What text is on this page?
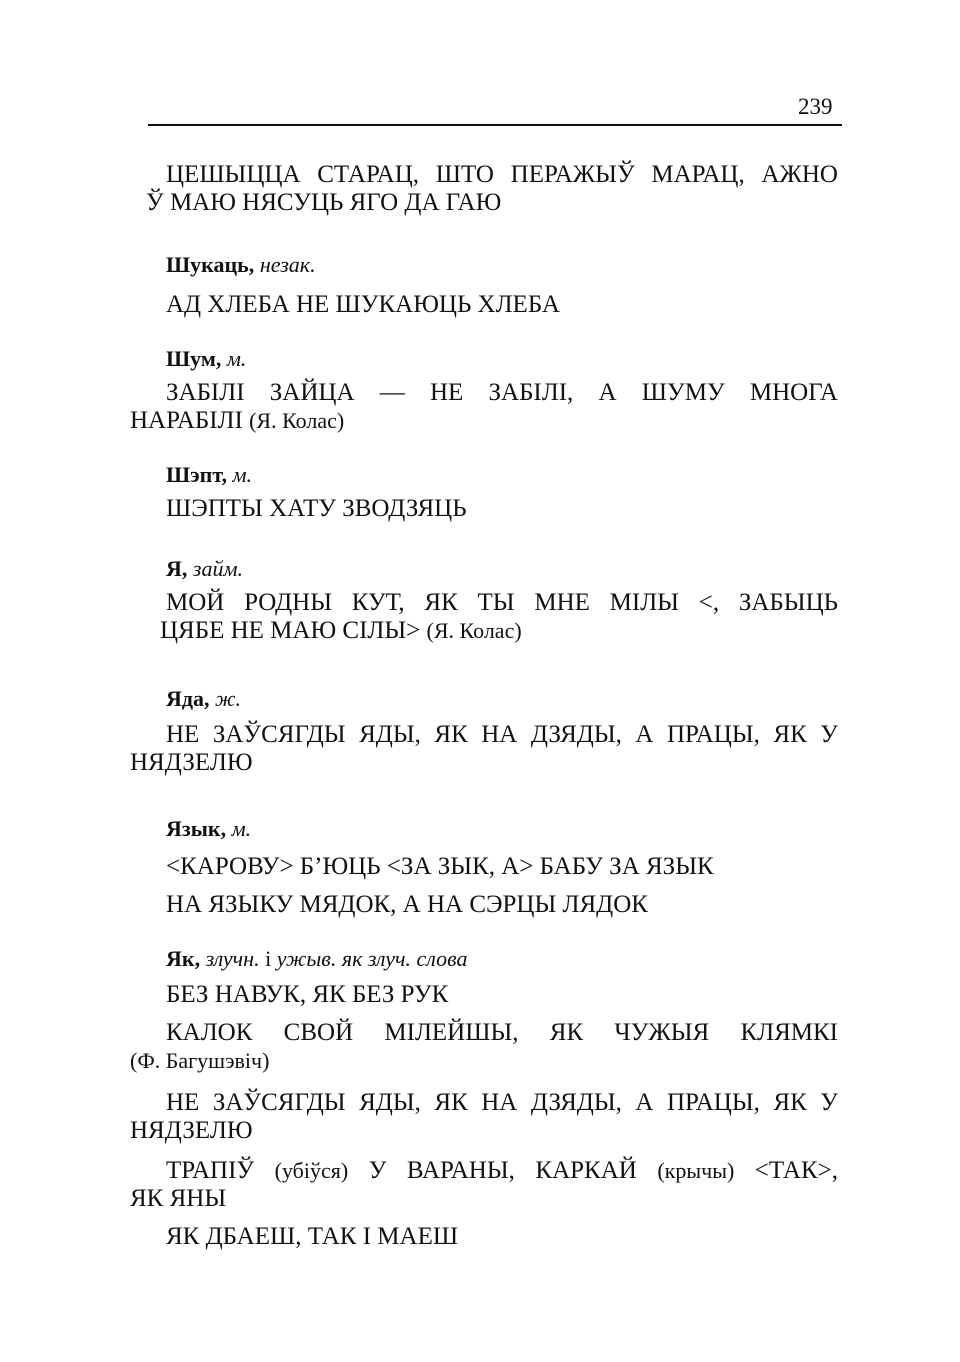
239
ЦЕШЫЦЦА СТАРАЦ, ШТО ПЕРАЖЫЎ МАРАЦ, АЖНО
Ў МАЮ НЯСУЦЬ ЯГО ДА ГАЮ
Шукаць, незак.
АД ХЛЕБА НЕ ШУКАЮЦЬ ХЛЕБА
Шум, м.
ЗАБІЛІ ЗАЙЦА — НЕ ЗАБІЛІ, А ШУМУ МНОГА
НАРАБІЛІ (Я. Колас)
Шэпт, м.
ШЭПТЫ ХАТУ ЗВОДЗЯЦЬ
Я, займ.
МОЙ РОДНЫ КУТ, ЯК ТЫ МНЕ МІЛЫ <, ЗАБЫЦЬ
ЦЯБЕ НЕ МАЮ СІЛЫ> (Я. Колас)
Яда, ж.
НЕ ЗАЎСЯГДЫ ЯДЫ, ЯК НА ДЗЯДЫ, А ПРАЦЫ, ЯК У
НЯДЗЕЛЮ
Язык, м.
<КАРОВУ> Б’ЮЦЬ <ЗА ЗЫК, А> БАБУ ЗА ЯЗЫК
НА ЯЗЫКУ МЯДОК, А НА СЭРЦЫ ЛЯДОК
Як, злучн. і ужыв. як злуч. слова
БЕЗ НАВУК, ЯК БЕЗ РУК
КАЛОК СВОЙ МІЛЕЙШЫ, ЯК ЧУЖЫЯ КЛЯМКІ
(Ф. Багушэвіч)
НЕ ЗАЎСЯГДЫ ЯДЫ, ЯК НА ДЗЯДЫ, А ПРАЦЫ, ЯК У
НЯДЗЕЛЮ
ТРАПІЎ (убіўся) У ВАРАНЫ, КАРКАЙ (крычы) <ТАК>,
ЯК ЯНЫ
ЯК ДБАЕШ, ТАК І МАЕШ
